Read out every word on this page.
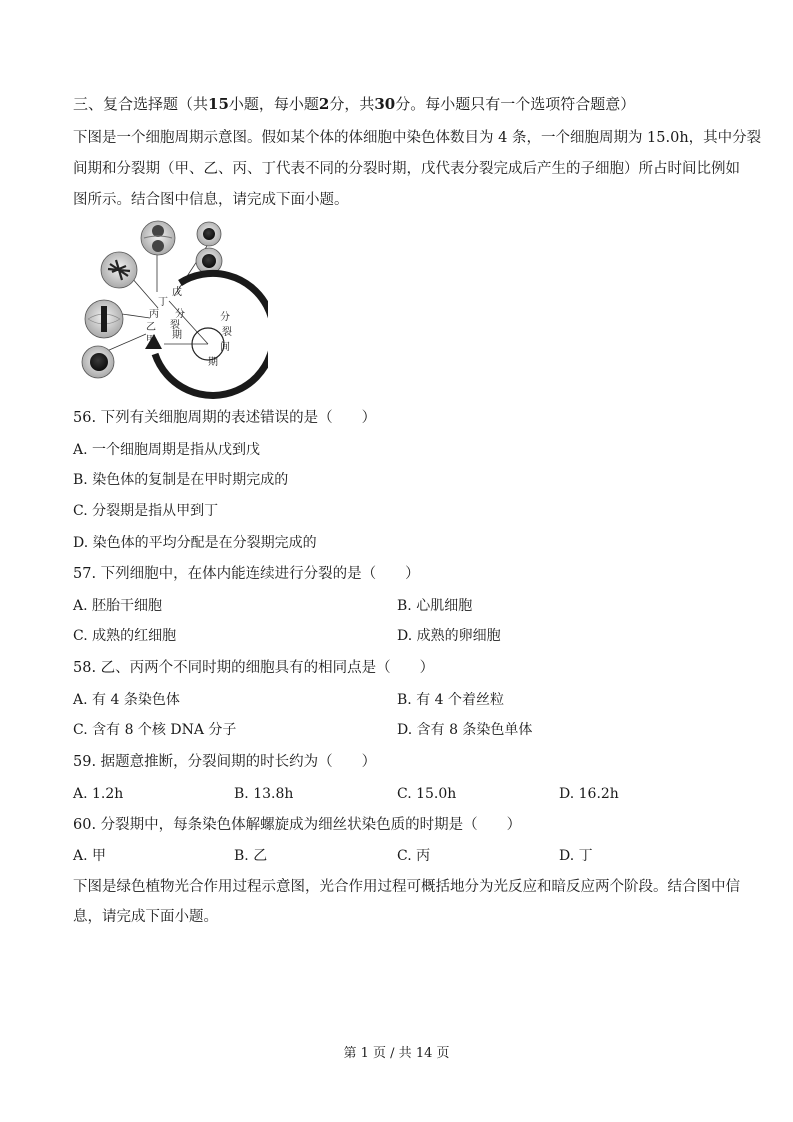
三、复合选择题（共15小题，每小题2分，共30分。每小题只有一个选项符合题意）
下图是一个细胞周期示意图。假如某个体的体细胞中染色体数目为 4 条，一个细胞周期为 15.0h，其中分裂
间期和分裂期（甲、乙、丙、丁代表不同的分裂时期，戊代表分裂完成后产生的子细胞）所占时间比例如
图所示。结合图中信息，请完成下面小题。
戊
丁
丙
乙
甲
分
裂
期
分
裂
间
期
56. 下列有关细胞周期的表述错误的是（　　）
A. 一个细胞周期是指从戊到戊
B. 染色体的复制是在甲时期完成的
C. 分裂期是指从甲到丁
D. 染色体的平均分配是在分裂期完成的
57. 下列细胞中，在体内能连续进行分裂的是（　　）
A. 胚胎干细胞	B. 心肌细胞
C. 成熟的红细胞	D. 成熟的卵细胞
58. 乙、丙两个不同时期的细胞具有的相同点是（　　）
A. 有 4 条染色体	B. 有 4 个着丝粒
C. 含有 8 个核 DNA 分子	D. 含有 8 条染色单体
59. 据题意推断，分裂间期的时长约为（　　）
A. 1.2h	B. 13.8h	C. 15.0h	D. 16.2h
60. 分裂期中，每条染色体解螺旋成为细丝状染色质的时期是（　　）
A. 甲	B. 乙	C. 丙	D. 丁
下图是绿色植物光合作用过程示意图，光合作用过程可概括地分为光反应和暗反应两个阶段。结合图中信
息，请完成下面小题。
第 1 页 / 共 14 页
